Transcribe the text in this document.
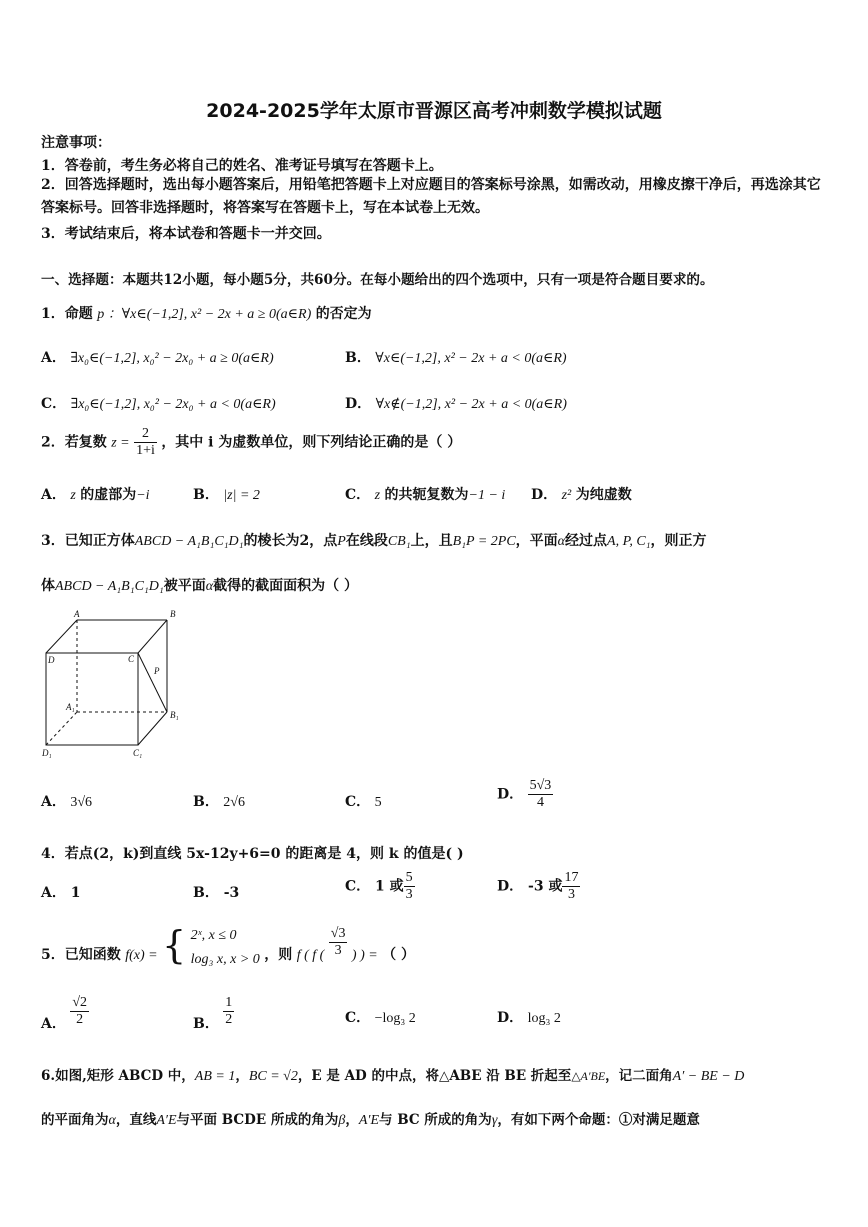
2024-2025学年太原市晋源区高考冲刺数学模拟试题
注意事项：
1．答卷前，考生务必将自己的姓名、准考证号填写在答题卡上。
2．回答选择题时，选出每小题答案后，用铅笔把答题卡上对应题目的答案标号涂黑，如需改动，用橡皮擦干净后，再选涂其它答案标号。回答非选择题时，将答案写在答题卡上，写在本试卷上无效。
3．考试结束后，将本试卷和答题卡一并交回。
一、选择题：本题共12小题，每小题5分，共60分。在每小题给出的四个选项中，只有一项是符合题目要求的。
1．命题 p ：∀x∈(−1,2], x² − 2x + a ≥ 0(a∈R) 的否定为
A． ∃x₀∈(−1,2], x₀² − 2x₀ + a ≥ 0(a∈R)	B． ∀x∈(−1,2], x² − 2x + a < 0(a∈R)
C． ∃x₀∈(−1,2], x₀² − 2x₀ + a < 0(a∈R)	D． ∀x∉(−1,2], x² − 2x + a < 0(a∈R)
2．若复数 $z = \frac{2}{1+i}$ ，其中 i 为虚数单位，则下列结论正确的是（ ）
A． z 的虚部为−i	B． |z| = 2	C． z 的共轭复数为−1 − i D． z² 为纯虚数
3．已知正方体ABCD − A₁B₁C₁D₁的棱长为2，点P在线段CB₁上，且B₁P = 2PC，平面α经过点A, P, C₁，则正方
体ABCD − A₁B₁C₁D₁被平面α截得的截面面积为（ ）
A	B
C
D
P
A₁
B₁
C₁
D₁
A． 3√6	B． 2√6	C． 5	D． $\frac{5√3}{4}$
4．若点(2，k)到直线 5x-12y+6=0 的距离是 4，则 k 的值是( )
A． 1	B． -3	C． 1 或 $\frac{5}{3}$	D． -3 或 $\frac{17}{3}$
5．已知函数 f(x) = { 2ˣ, x ≤ 0
log₃ x, x > 0 ，则 f ( f ( $\frac{√3}{3}$ ) ) = （ ）
A． $\frac{√2}{2}$	B． $\frac{1}{2}$	C． −log₃ 2	D． log₃ 2
6.如图,矩形 ABCD 中，AB = 1，BC = √2，E 是 AD 的中点，将△ABE 沿 BE 折起至△A′BE，记二面角A′ − BE − D
的平面角为α，直线A′E与平面 BCDE 所成的角为β，A′E与 BC 所成的角为γ，有如下两个命题：①对满足题意
